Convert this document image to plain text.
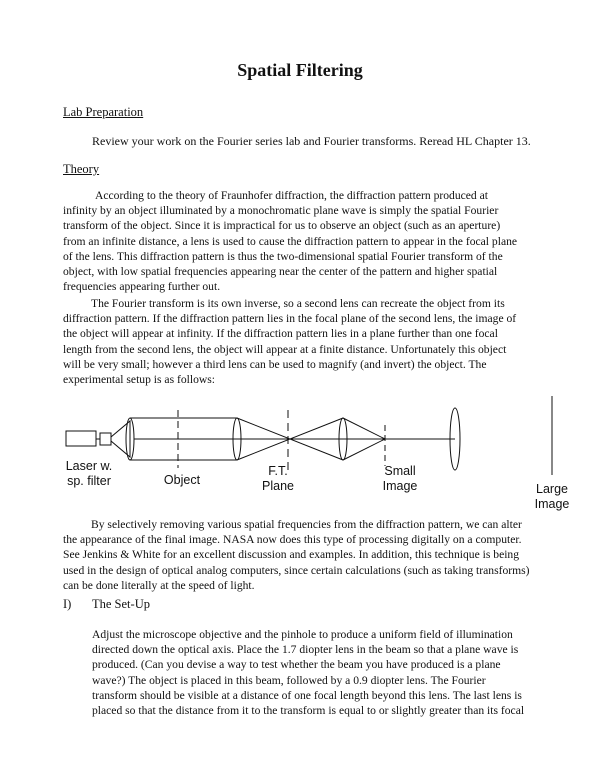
Spatial Filtering
Lab Preparation
Review your work on the Fourier series lab and Fourier transforms. Reread HL Chapter 13.
Theory
According to the theory of Fraunhofer diffraction, the diffraction pattern produced at
infinity by an object illuminated by a monochromatic plane wave is simply the spatial Fourier
transform of the object. Since it is impractical for us to observe an object (such as an aperture)
from an infinite distance, a lens is used to cause the diffraction pattern to appear in the focal plane
of the lens. This diffraction pattern is thus the two-dimensional spatial Fourier transform of the
object, with low spatial frequencies appearing near the center of the pattern and higher spatial
frequencies appearing further out.
The Fourier transform is its own inverse, so a second lens can recreate the object from its
diffraction pattern. If the diffraction pattern lies in the focal plane of the second lens, the image of
the object will appear at infinity. If the diffraction pattern lies in a plane further than one focal
length from the second lens, the object will appear at a finite distance. Unfortunately this object
will be very small; however a third lens can be used to magnify (and invert) the object. The
experimental setup is as follows:
Laser w.
sp. filter	Object
F.T.
Plane
Small
Image	Large
Image
By selectively removing various spatial frequencies from the diffraction pattern, we can alter
the appearance of the final image. NASA now does this type of processing digitally on a computer.
See Jenkins & White for an excellent discussion and examples. In addition, this technique is being
used in the design of optical analog computers, since certain calculations (such as taking transforms)
can be done literally at the speed of light.
I) The Set-Up
Adjust the microscope objective and the pinhole to produce a uniform field of illumination
directed down the optical axis. Place the 1.7 diopter lens in the beam so that a plane wave is
produced. (Can you devise a way to test whether the beam you have produced is a plane
wave?) The object is placed in this beam, followed by a 0.9 diopter lens. The Fourier
transform should be visible at a distance of one focal length beyond this lens. The last lens is
placed so that the distance from it to the transform is equal to or slightly greater than its focal
